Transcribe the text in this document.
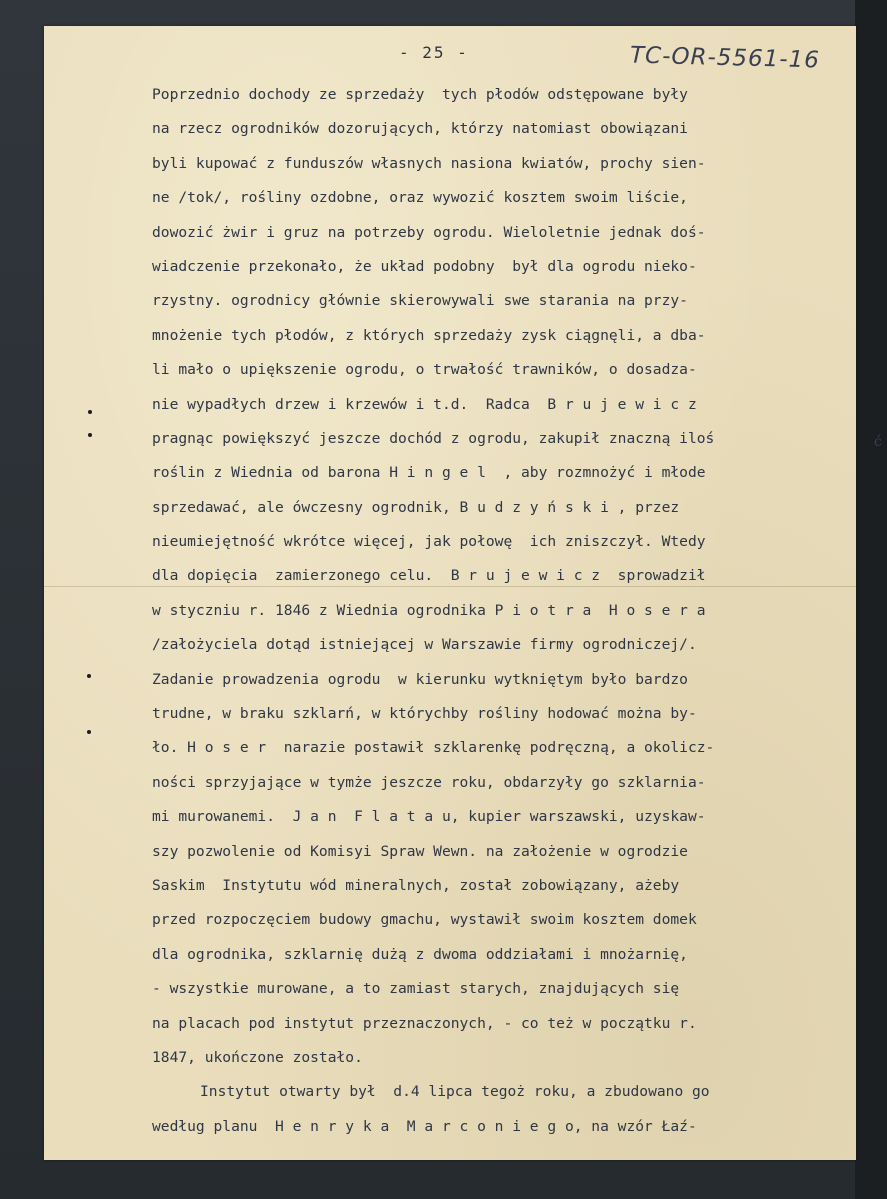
- 25 -	TC-OR-5561-16
ć
Poprzednio dochody ze sprzedaży  tych płodów odstępowane były
na rzecz ogrodników dozorujących, którzy natomiast obowiązani
byli kupować z funduszów własnych nasiona kwiatów, prochy sien-
ne /tok/, rośliny ozdobne, oraz wywozić kosztem swoim liście,
dowozić żwir i gruz na potrzeby ogrodu. Wieloletnie jednak doś-
wiadczenie przekonało, że układ podobny  był dla ogrodu nieko-
rzystny. ogrodnicy głównie skierowywali swe starania na przy-
mnożenie tych płodów, z których sprzedaży zysk ciągnęli, a dba-
li mało o upiększenie ogrodu, o trwałość trawników, o dosadza-
nie wypadłych drzew i krzewów i t.d.  Radca  B r u j e w i c z
pragnąc powiększyć jeszcze dochód z ogrodu, zakupił znaczną iloś
roślin z Wiednia od barona H i n g e l  , aby rozmnożyć i młode
sprzedawać, ale ówczesny ogrodnik, B u d z y ń s k i , przez
nieumiejętność wkrótce więcej, jak połowę  ich zniszczył. Wtedy
dla dopięcia  zamierzonego celu.  B r u j e w i c z  sprowadził
w styczniu r. 1846 z Wiednia ogrodnika P i o t r a  H o s e r a
/założyciela dotąd istniejącej w Warszawie firmy ogrodniczej/.
Zadanie prowadzenia ogrodu  w kierunku wytkniętym było bardzo
trudne, w braku szklarń, w którychby rośliny hodować można by-
ło. H o s e r  narazie postawił szklarenkę podręczną, a okolicz-
ności sprzyjające w tymże jeszcze roku, obdarzyły go szklarnia-
mi murowanemi.  J a n  F l a t a u, kupier warszawski, uzyskaw-
szy pozwolenie od Komisyi Spraw Wewn. na założenie w ogrodzie
Saskim  Instytutu wód mineralnych, został zobowiązany, ażeby
przed rozpoczęciem budowy gmachu, wystawił swoim kosztem domek
dla ogrodnika, szklarnię dużą z dwoma oddziałami i mnożarnię,
- wszystkie murowane, a to zamiast starych, znajdujących się
na placach pod instytut przeznaczonych, - co też w początku r.
1847, ukończone zostało.
Instytut otwarty był  d.4 lipca tegoż roku, a zbudowano go
według planu  H e n r y k a  M a r c o n i e g o, na wzór Łaź-
